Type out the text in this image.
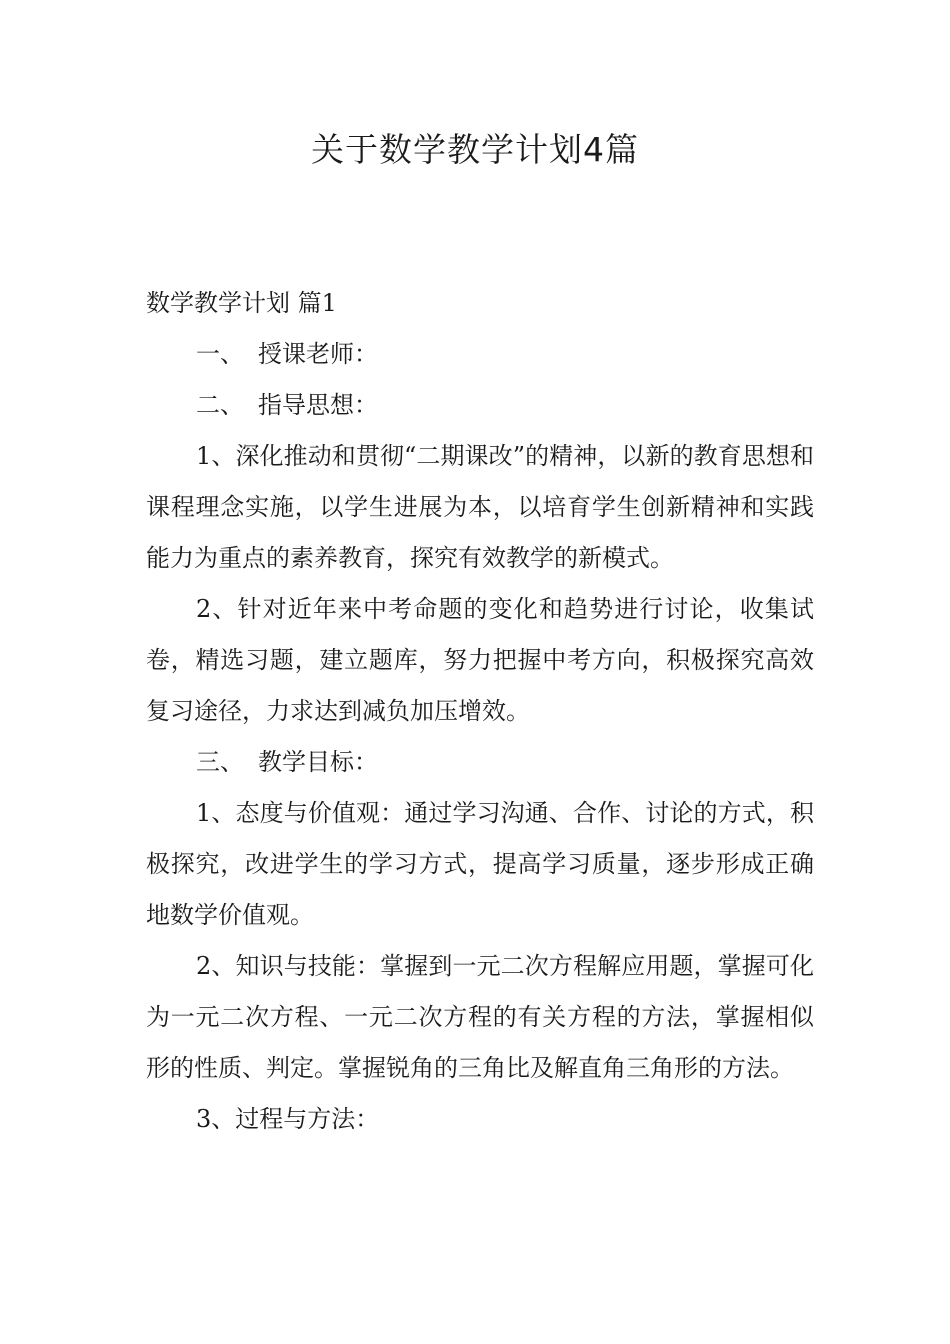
关于数学教学计划4篇

数学教学计划 篇1

一、 授课老师：

二、 指导思想：

1、深化推动和贯彻“二期课改”的精神，以新的教育思想和课程理念实施，以学生进展为本，以培育学生创新精神和实践能力为重点的素养教育，探究有效教学的新模式。

2、针对近年来中考命题的变化和趋势进行讨论，收集试卷，精选习题，建立题库，努力把握中考方向，积极探究高效复习途径，力求达到减负加压增效。

三、 教学目标：

1、态度与价值观：通过学习沟通、合作、讨论的方式，积极探究，改进学生的学习方式，提高学习质量，逐步形成正确地数学价值观。

2、知识与技能：掌握到一元二次方程解应用题，掌握可化为一元二次方程、一元二次方程的有关方程的方法，掌握相似形的性质、判定。掌握锐角的三角比及解直角三角形的方法。

3、过程与方法：
